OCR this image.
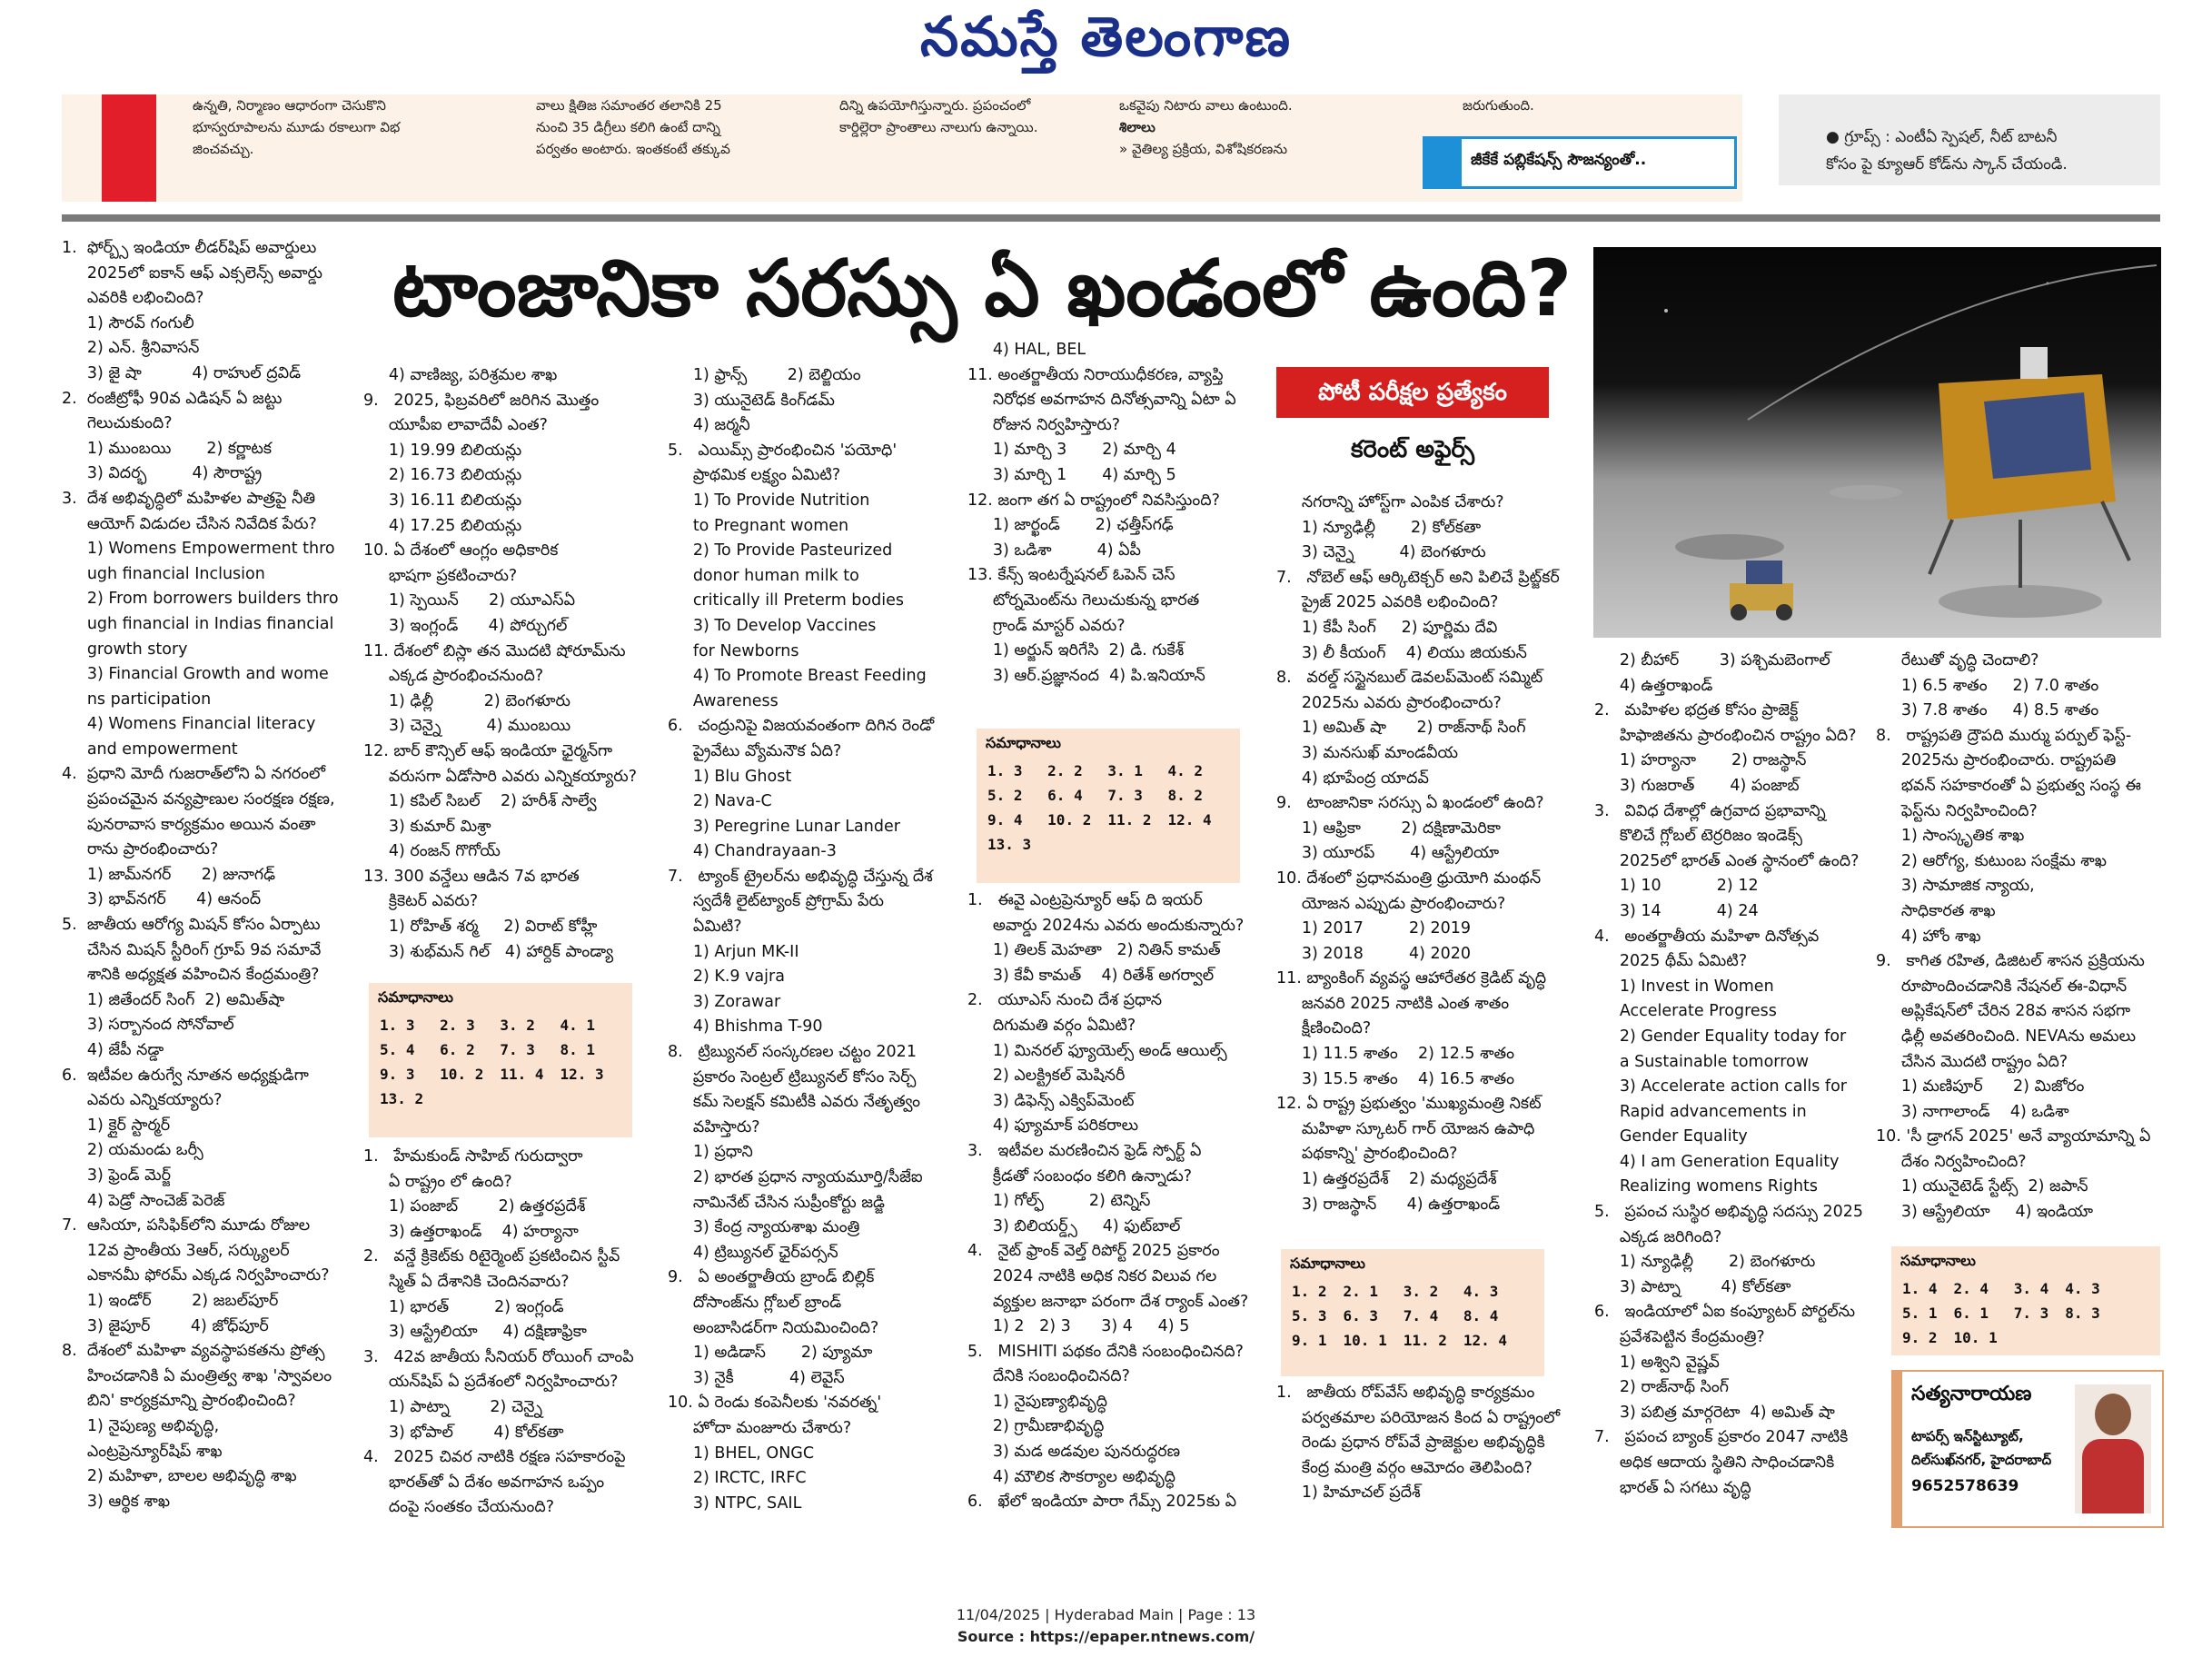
నమస్తే తెలంగాణ
ఉన్నతి, నిర్మాణం ఆధారంగా చెసుకొని
భూస్వరూపాలను మూడు రకాలుగా విభ
జించవచ్చు.
వాలు క్షితిజ సమాంతర తలానికి 25
నుంచి 35 డిగ్రీలు కలిగి ఉంటే దాన్ని
పర్వతం అంటారు. ఇంతకంటే తక్కువ
దిన్ని ఉపయోగిస్తున్నారు. ప్రపంచంలో
కార్డిల్లెరా ప్రాంతాలు నాలుగు ఉన్నాయి.
ఒకవైపు నిటారు వాలు ఉంటుంది.
శిలాలు
» వైతిల్య ప్రక్రియ, విశోషికరణను
జరుగుతుంది.
జీకేకే పబ్లికేషన్స్ సౌజన్యంతో..
● గ్రూప్స్ : ఎంటీఏ స్పెషల్, నీట్ బాటనీ
కోసం పై క్యూఆర్ కోడ్‌ను స్కాన్ చేయండి.
టాంజానికా సరస్సు ఏ ఖండంలో ఉంది?
పోటీ పరీక్షల ప్రత్యేకం
కరెంట్ అఫైర్స్
1.  ఫోర్బ్స్ ఇండియా లీడర్‌షిప్ అవార్డులు
2025లో ఐకాన్ ఆఫ్ ఎక్సలెన్స్ అవార్డు
ఎవరికి లభించింది?
1) సౌరవ్ గంగులీ
2) ఎన్. శ్రీనివాసన్
3) జై షా          4) రాహుల్ ద్రవిడ్
2.  రంజీట్రోఫీ 90వ ఎడిషన్ ఏ జట్టు
గెలుచుకుంది?
1) ముంబయి       2) కర్ణాటక
3) విదర్భ         4) సౌరాష్ట్ర
3.  దేశ అభివృద్ధిలో మహిళల పాత్రపై నీతి
ఆయోగ్ విడుదల చేసిన నివేదిక పేరు?
1) Womens Empowerment thro
ugh financial Inclusion
2) From borrowers builders thro
ugh financial in Indias financial
growth story
3) Financial Growth and wome
ns participation
4) Womens Financial literacy
and empowerment
4.  ప్రధాని మోదీ గుజరాత్‌లోని ఏ నగరంలో
ప్రపంచమైన వన్యప్రాణుల సంరక్షణ రక్షణ,
పునరావాస కార్యక్రమం అయిన వంతా
రాను ప్రారంభించారు?
1) జామ్‌నగర్      2) జునాగఢ్
3) భావ్‌నగర్      4) ఆనంద్
5.  జాతీయ ఆరోగ్య మిషన్ కోసం ఏర్పాటు
చేసిన మిషన్ స్టీరింగ్ గ్రూప్ 9వ సమావే
శానికి అధ్యక్షత వహించిన కేంద్రమంత్రి?
1) జితేందర్ సింగ్  2) అమిత్‌షా
3) సర్బానంద సోనోవాల్
4) జేపీ నడ్డా
6.  ఇటీవల ఉరుగ్వే నూతన అధ్యక్షుడిగా
ఎవరు ఎన్నికయ్యారు?
1) క్లైర్ స్టార్మర్
2) యమండు ఒర్సీ
3) ఫ్రెండ్ మెర్జ్
4) పెడ్రో సాంచెజ్ పెరెజ్
7.  ఆసియా, పసిఫిక్‌లోని మూడు రోజుల
12వ ప్రాంతీయ 3ఆర్, సర్క్యులర్
ఎకానమీ ఫోరమ్ ఎక్కడ నిర్వహించారు?
1) ఇండోర్        2) జబల్‌పూర్
3) జైపూర్        4) జోధ్‌పూర్
8.  దేశంలో మహిళా వ్యవస్థాపకతను ప్రోత్స
హించడానికి ఏ మంత్రిత్వ శాఖ 'స్వావలం
బిని' కార్యక్రమాన్ని ప్రారంభించింది?
1) నైపుణ్య అభివృద్ధి,
ఎంట్రప్రెన్యూర్‌షిప్ శాఖ
2) మహిళా, బాలల అభివృద్ధి శాఖ
3) ఆర్థిక శాఖ
4) వాణిజ్య, పరిశ్రమల శాఖ
9.   2025, ఫిబ్రవరిలో జరిగిన మొత్తం
యూపీఐ లావాదేవీ ఎంత?
1) 19.99 బిలియన్లు
2) 16.73 బిలియన్లు
3) 16.11 బిలియన్లు
4) 17.25 బిలియన్లు
10. ఏ దేశంలో ఆంగ్లం అధికారిక
భాషగా ప్రకటించారు?
1) స్పెయిన్      2) యూఎస్ఏ
3) ఇంగ్లండ్      4) పోర్చుగల్
11. దేశంలో బిస్లా తన మొదటి షోరూమ్‌ను
ఎక్కడ ప్రారంభించనుంది?
1) ఢిల్లీ          2) బెంగళూరు
3) చెన్నై         4) ముంబయి
12. బార్ కౌన్సిల్ ఆఫ్ ఇండియా ఛైర్మన్‌గా
వరుసగా ఏడోసారి ఎవరు ఎన్నికయ్యారు?
1) కపిల్ సిబల్    2) హరీశ్ సాల్వే
3) కుమార్ మిశ్రా
4) రంజన్ గొగోయ్
13. 300 వన్డేలు ఆడిన 7వ భారత
క్రికెటర్ ఎవరు?
1) రోహిత్ శర్మ     2) విరాట్ కోహ్లీ
3) శుభ్‌మన్ గిల్   4) హార్దిక్ పాండ్యా
సమాధానాలు
1. 3	2. 3	3. 2	4. 1
5. 4	6. 2	7. 3	8. 1
9. 3	10. 2	11. 4	12. 3
13. 2			
1.   హేమకుండ్ సాహిబ్ గురుద్వారా
ఏ రాష్ట్రం లో ఉంది?
1) పంజాబ్        2) ఉత్తరప్రదేశ్
3) ఉత్తరాఖండ్    4) హర్యానా
2.   వన్డే క్రికెట్‌కు రిటైర్మెంట్ ప్రకటించిన స్టీవ్
స్మిత్ ఏ దేశానికి చెందినవారు?
1) భారత్         2) ఇంగ్లండ్
3) ఆస్ట్రేలియా     4) దక్షిణాఫ్రికా
3.   42వ జాతీయ సీనియర్ రోయింగ్ చాంపి
యన్‌షిప్ ఏ ప్రదేశంలో నిర్వహించారు?
1) పాట్నా        2) చెన్నై
3) భోపాల్        4) కోల్‌కతా
4.   2025 చివర నాటికి రక్షణ సహకారంపై
భారత్‌తో ఏ దేశం అవగాహన ఒప్పం
దంపై సంతకం చేయనుంది?
1) ఫ్రాన్స్        2) బెల్జియం
3) యునైటెడ్ కింగ్‌డమ్
4) జర్మనీ
5.   ఎయిమ్స్ ప్రారంభించిన 'పయోధి'
ప్రాథమిక లక్ష్యం ఏమిటి?
1) To Provide Nutrition
to Pregnant women
2) To Provide Pasteurized
donor human milk to
critically ill Preterm bodies
3) To Develop Vaccines
for Newborns
4) To Promote Breast Feeding
Awareness
6.   చంద్రునిపై విజయవంతంగా దిగిన రెండో
ప్రైవేటు వ్యోమనౌక ఏది?
1) Blu Ghost
2) Nava-C
3) Peregrine Lunar Lander
4) Chandrayaan-3
7.   ట్యాంక్ ట్రైలర్‌ను అభివృద్ధి చేస్తున్న దేశ
స్వదేశీ లైట్‌ట్యాంక్ ప్రోగ్రామ్ పేరు
ఏమిటి?
1) Arjun MK-II
2) K.9 vajra
3) Zorawar
4) Bhishma T-90
8.   ట్రిబ్యునల్ సంస్కరణల చట్టం 2021
ప్రకారం సెంట్రల్ ట్రిబ్యునల్ కోసం సెర్చ్
కమ్ సెలక్షన్ కమిటీకి ఎవరు నేతృత్వం
వహిస్తారు?
1) ప్రధాని
2) భారత ప్రధాన న్యాయమూర్తి/సీజేఐ
నామినేట్ చేసిన సుప్రీంకోర్టు జడ్జి
3) కేంద్ర న్యాయశాఖ మంత్రి
4) ట్రిబ్యునల్ ఛైర్‌పర్సన్
9.   ఏ అంతర్జాతీయ బ్రాండ్ బిల్లిక్
దోసాంజ్‌ను గ్లోబల్ బ్రాండ్
అంబాసిడర్‌గా నియమించింది?
1) అడిడాస్       2) ప్యూమా
3) నైకీ           4) లెవైస్
10. ఏ రెండు కంపెనీలకు 'నవరత్న'
హోదా మంజూరు చేశారు?
1) BHEL, ONGC
2) IRCTC, IRFC
3) NTPC, SAIL
4) HAL, BEL
11. అంతర్జాతీయ నిరాయుధీకరణ, వ్యాప్తి
నిరోధక అవగాహన దినోత్సవాన్ని ఏటా ఏ
రోజున నిర్వహిస్తారు?
1) మార్చి 3       2) మార్చి 4
3) మార్చి 1       4) మార్చి 5
12. జంగా తగ ఏ రాష్ట్రంలో నివసిస్తుంది?
1) జార్ఖండ్       2) ఛత్తీస్‌గఢ్
3) ఒడిశా         4) ఏపీ
13. కేన్స్ ఇంటర్నేషనల్ ఓపెన్ చెస్
టోర్నమెంట్‌ను గెలుచుకున్న భారత
గ్రాండ్ మాస్టర్ ఎవరు?
1) అర్జున్ ఇరిగేసి  2) డి. గుకేశ్
3) ఆర్.ప్రజ్ఞానంద  4) పి.ఇనియాన్
సమాధానాలు
1. 3	2. 2	3. 1	4. 2
5. 2	6. 4	7. 3	8. 2
9. 4	10. 2	11. 2	12. 4
13. 3			
1.   ఈవై ఎంట్రప్రెన్యూర్ ఆఫ్ ది ఇయర్
అవార్డు 2024ను ఎవరు అందుకున్నారు?
1) తిలక్ మెహతా   2) నితిన్ కామత్
3) కేవీ కామత్    4) రితేశ్ అగర్వాల్
2.   యూఎస్ నుంచి దేశ ప్రధాన
దిగుమతి వర్గం ఏమిటి?
1) మినరల్ ఫ్యూయెల్స్ అండ్ ఆయిల్స్
2) ఎలక్ట్రికల్ మెషినరీ
3) డిఫెన్స్ ఎక్విప్‌మెంట్
4) ఫ్యూమాక్ పరికరాలు
3.   ఇటీవల మరణించిన ఫ్రెడ్ స్పోర్ట్ ఏ
క్రీడతో సంబంధం కలిగి ఉన్నాడు?
1) గోల్ఫ్         2) టెన్నిస్
3) బిలియర్డ్స్     4) ఫుట్‌బాల్
4.   నైట్ ఫ్రాంక్ వెల్త్ రిపోర్ట్ 2025 ప్రకారం
2024 నాటికి అధిక నికర విలువ గల
వ్యక్తుల జనాభా పరంగా దేశ ర్యాంక్ ఎంత?
1) 2   2) 3      3) 4     4) 5
5.   MISHITI పథకం దేనికి సంబంధించినది?
దేనికి సంబంధించినది?
1) నైపుణ్యాభివృద్ధి
2) గ్రామీణాభివృద్ధి
3) మడ అడవుల పునరుద్ధరణ
4) మౌలిక సౌకర్యాల అభివృద్ధి
6.   ఖేలో ఇండియా పారా గేమ్స్ 2025కు ఏ
నగరాన్ని హోస్ట్‌గా ఎంపిక చేశారు?
1) న్యూఢిల్లీ       2) కోల్‌కతా
3) చెన్నై         4) బెంగళూరు
7.   నోబెల్ ఆఫ్ ఆర్కిటెక్చర్ అని పిలిచే ప్రిట్జ్‌కర్
ప్రైజ్ 2025 ఎవరికి లభించింది?
1) కేపీ సింగ్     2) పూర్ణిమ దేవి
3) లీ కీయంగ్    4) లియు జియకున్
8.   వరల్డ్ సస్టైనబుల్ డెవలప్‌మెంట్ సమ్మిట్
2025ను ఎవరు ప్రారంభించారు?
1) అమిత్ షా      2) రాజ్‌నాథ్ సింగ్
3) మనసుఖ్ మాండవీయ
4) భూపేంద్ర యాదవ్
9.   టాంజానికా సరస్సు ఏ ఖండంలో ఉంది?
1) ఆఫ్రికా        2) దక్షిణామెరికా
3) యూరప్       4) ఆస్ట్రేలియా
10. దేశంలో ప్రధానమంత్రి ధ్రుయోగి మంథన్
యోజన ఎప్పుడు ప్రారంభించారు?
1) 2017         2) 2019
3) 2018         4) 2020
11. బ్యాంకింగ్ వ్యవస్థ ఆహారేతర క్రెడిట్ వృద్ధి
జనవరి 2025 నాటికి ఎంత శాతం
క్షీణించింది?
1) 11.5 శాతం    2) 12.5 శాతం
3) 15.5 శాతం    4) 16.5 శాతం
12. ఏ రాష్ట్ర ప్రభుత్వం 'ముఖ్యమంత్రి నికట్
మహిళా స్కూటర్ గార్ యోజన ఉపాధి
పథకాన్ని' ప్రారంభించింది?
1) ఉత్తరప్రదేశ్    2) మధ్యప్రదేశ్
3) రాజస్థాన్      4) ఉత్తరాఖండ్
సమాధానాలు
1. 2	2. 1	3. 2	4. 3
5. 3	6. 3	7. 4	8. 4
9. 1	10. 1	11. 2	12. 4
1.   జాతీయ రోప్‌వేస్ అభివృద్ధి కార్యక్రమం
పర్వతమాల పరియోజన కింద ఏ రాష్ట్రంలో
రెండు ప్రధాన రోప్‌వే ప్రాజెక్టుల అభివృద్ధికి
కేంద్ర మంత్రి వర్గం ఆమోదం తెలిపింది?
1) హిమాచల్ ప్రదేశ్
2) బీహార్        3) పశ్చిమబెంగాల్
4) ఉత్తరాఖండ్
2.   మహిళల భద్రత కోసం ప్రాజెక్ట్
హిఫాజితను ప్రారంభించిన రాష్ట్రం ఏది?
1) హర్యానా       2) రాజస్థాన్
3) గుజరాత్       4) పంజాబ్
3.   వివిధ దేశాల్లో ఉగ్రవాద ప్రభావాన్ని
కొలిచే గ్లోబల్ టెర్రరిజం ఇండెక్స్
2025లో భారత్ ఎంత స్థానంలో ఉంది?
1) 10           2) 12
3) 14           4) 24
4.   అంతర్జాతీయ మహిళా దినోత్సవ
2025 థీమ్ ఏమిటి?
1) Invest in Women
Accelerate Progress
2) Gender Equality today for
a Sustainable tomorrow
3) Accelerate action calls for
Rapid advancements in
Gender Equality
4) I am Generation Equality
Realizing womens Rights
5.   ప్రపంచ సుస్థిర అభివృద్ధి సదస్సు 2025
ఎక్కడ జరిగింది?
1) న్యూఢిల్లీ       2) బెంగళూరు
3) పాట్నా        4) కోల్‌కతా
6.   ఇండియాలో ఏఐ కంప్యూటర్ పోర్టల్‌ను
ప్రవేశపెట్టిన కేంద్రమంత్రి?
1) అశ్విని వైష్ణవ్
2) రాజ్‌నాథ్ సింగ్
3) పబిత్ర మార్గరెటా  4) అమిత్ షా
7.   ప్రపంచ బ్యాంక్ ప్రకారం 2047 నాటికి
అధిక ఆదాయ స్థితిని సాధించడానికి
భారత్ ఏ సగటు వృద్ధి
రేటుతో వృద్ధి చెందాలి?
1) 6.5 శాతం     2) 7.0 శాతం
3) 7.8 శాతం     4) 8.5 శాతం
8.   రాష్ట్రపతి ద్రౌపది ముర్ము పర్పుల్ ఫెస్ట్-
2025ను ప్రారంభించారు. రాష్ట్రపతి
భవన్ సహకారంతో ఏ ప్రభుత్వ సంస్థ ఈ
ఫెస్ట్‌ను నిర్వహించింది?
1) సాంస్కృతిక శాఖ
2) ఆరోగ్య, కుటుంబ సంక్షేమ శాఖ
3) సామాజిక న్యాయ,
సాధికారత శాఖ
4) హోం శాఖ
9.   కాగిత రహిత, డిజిటల్ శాసన ప్రక్రియను
రూపొందించడానికి నేషనల్ ఈ-విధాన్
అప్లికేషన్‌లో చేరిన 28వ శాసన సభగా
ఢిల్లీ అవతరించింది. NEVAను అమలు
చేసిన మొదటి రాష్ట్రం ఏది?
1) మణిపూర్      2) మిజోరం
3) నాగాలాండ్    4) ఒడిశా
10. 'సీ డ్రాగన్ 2025' అనే వ్యాయామాన్ని ఏ
దేశం నిర్వహించింది?
1) యునైటెడ్ స్టేట్స్  2) జపాన్
3) ఆస్ట్రేలియా     4) ఇండియా
సమాధానాలు
1. 4	2. 4	3. 4	4. 3
5. 1	6. 1	7. 3	8. 3
9. 2	10. 1		
సత్యనారాయణ
టాపర్స్ ఇన్‌స్టిట్యూట్,
దిల్‌సుఖ్‌నగర్, హైదరాబాద్
9652578639
11/04/2025 | Hyderabad Main | Page : 13
Source : https://epaper.ntnews.com/
